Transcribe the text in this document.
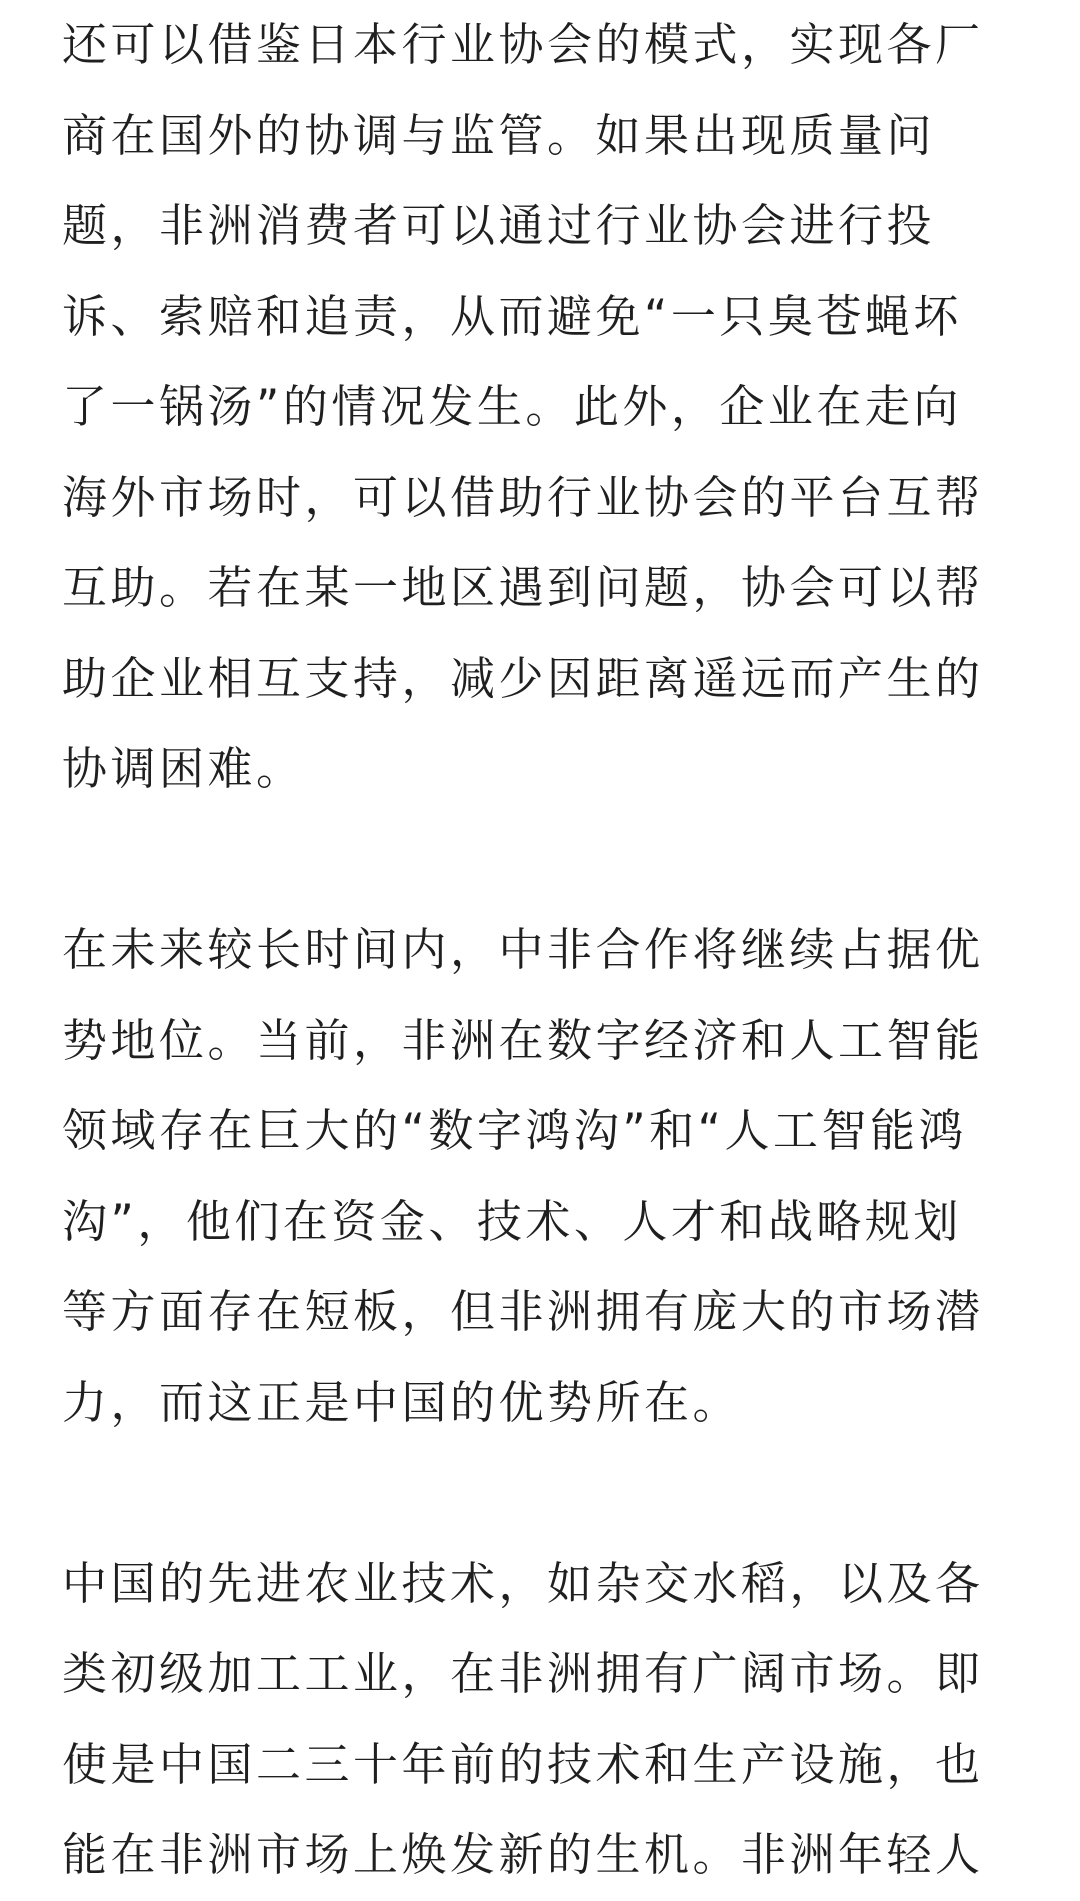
还可以借鉴日本行业协会的模式，实现各厂
商在国外的协调与监管。如果出现质量问
题，非洲消费者可以通过行业协会进行投
诉、索赔和追责，从而避免“一只臭苍蝇坏
了一锅汤”的情况发生。此外，企业在走向
海外市场时，可以借助行业协会的平台互帮
互助。若在某一地区遇到问题，协会可以帮
助企业相互支持，减少因距离遥远而产生的
协调困难。
在未来较长时间内，中非合作将继续占据优
势地位。当前，非洲在数字经济和人工智能
领域存在巨大的“数字鸿沟”和“人工智能鸿
沟”，他们在资金、技术、人才和战略规划
等方面存在短板，但非洲拥有庞大的市场潜
力，而这正是中国的优势所在。
中国的先进农业技术，如杂交水稻，以及各
类初级加工工业，在非洲拥有广阔市场。即
使是中国二三十年前的技术和生产设施，也
能在非洲市场上焕发新的生机。非洲年轻人
